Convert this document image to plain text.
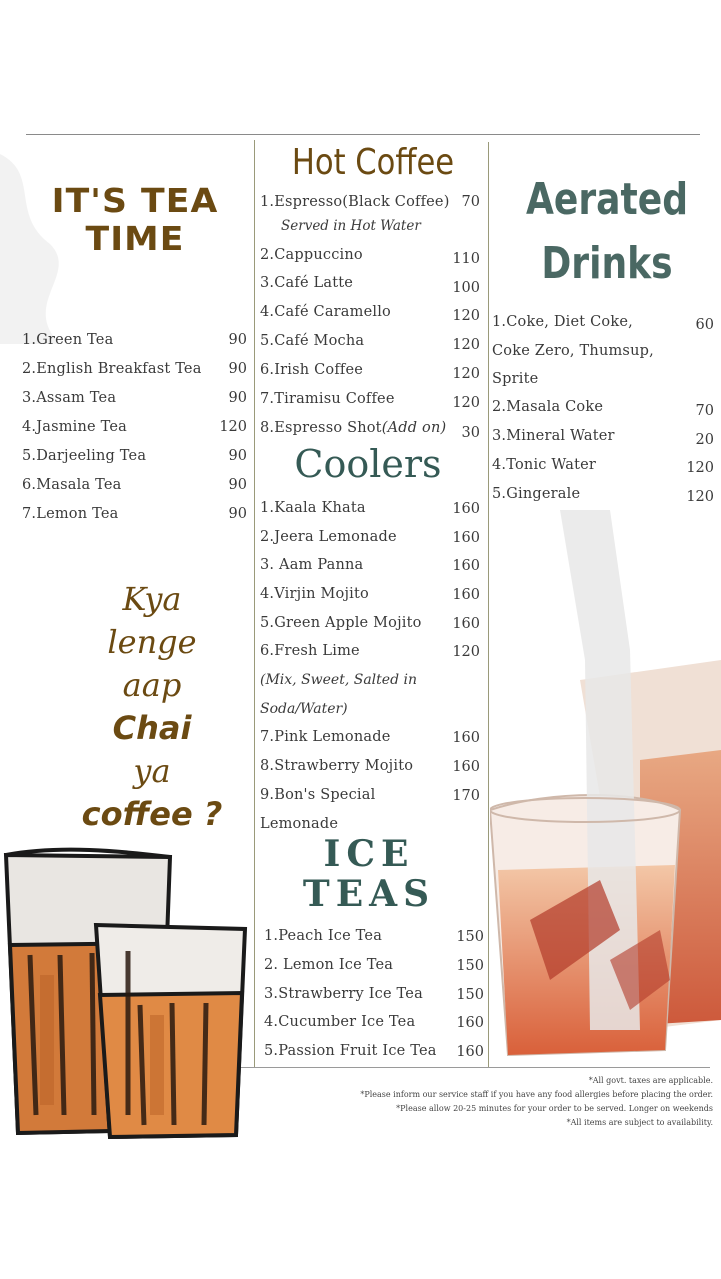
IT'S TEA
TIME
1.Green Tea	90
2.English Breakfast Tea 90
3.Assam Tea	90
4.Jasmine Tea	120
5.Darjeeling Tea	90
6.Masala Tea	90
7.Lemon Tea	90
Kya
lenge
aap
Chai
ya
coffee ?
Hot Coffee
1.Espresso(Black Coffee) 70
Served in Hot Water
2.Cappuccino	110
3.Café Latte	100
4.Café Caramello	120
5.Café Mocha	120
6.Irish Coffee	120
7.Tiramisu Coffee	120
8.Espresso Shot(Add on) 30
Coolers
1.Kaala Khata	160
2.Jeera Lemonade	160
3. Aam Panna	160
4.Virjin Mojito	160
5.Green Apple Mojito 160
6.Fresh Lime	120
(Mix, Sweet, Salted in
Soda/Water)
7.Pink Lemonade	160
8.Strawberry Mojito	160
9.Bon's Special	170
Lemonade
ICE
TEAS
1.Peach Ice Tea	150
2. Lemon Ice Tea	150
3.Strawberry Ice Tea 150
4.Cucumber Ice Tea	160
5.Passion Fruit Ice Tea 160
Aerated
Drinks
1.Coke, Diet Coke,	60
Coke Zero, Thumsup,
Sprite
2.Masala Coke	70
3.Mineral Water	20
4.Tonic Water	120
5.Gingerale	120
*All govt. taxes are applicable.
*Please inform our service staff if you have any food allergies before placing the order.
*Please allow 20-25 minutes for your order to be served. Longer on weekends
*All items are subject to availability.
